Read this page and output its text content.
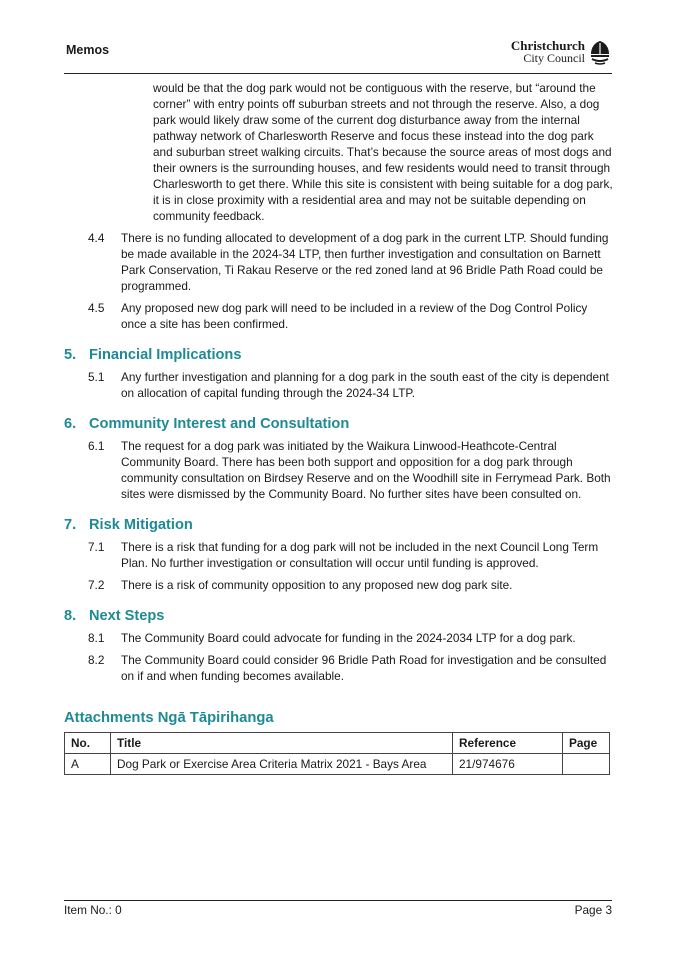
Memos	Christchurch
City Council
would be that the dog park would not be contiguous with the reserve, but “around the corner” with entry points off suburban streets and not through the reserve. Also, a dog park would likely draw some of the current dog disturbance away from the internal pathway network of Charlesworth Reserve and focus these instead into the dog park and suburban street walking circuits. That’s because the source areas of most dogs and their owners is the surrounding houses, and few residents would need to transit through Charlesworth to get there. While this site is consistent with being suitable for a dog park, it is in close proximity with a residential area and may not be suitable depending on community feedback.
4.4	There is no funding allocated to development of a dog park in the current LTP. Should funding be made available in the 2024-34 LTP, then further investigation and consultation on Barnett Park Conservation, Ti Rakau Reserve or the red zoned land at 96 Bridle Path Road could be programmed.
4.5	Any proposed new dog park will need to be included in a review of the Dog Control Policy once a site has been confirmed.
5. Financial Implications
5.1	Any further investigation and planning for a dog park in the south east of the city is dependent on allocation of capital funding through the 2024-34 LTP.
6. Community Interest and Consultation
6.1	The request for a dog park was initiated by the Waikura Linwood-Heathcote-Central Community Board. There has been both support and opposition for a dog park through community consultation on Birdsey Reserve and on the Woodhill site in Ferrymead Park. Both sites were dismissed by the Community Board. No further sites have been consulted on.
7. Risk Mitigation
7.1	There is a risk that funding for a dog park will not be included in the next Council Long Term Plan. No further investigation or consultation will occur until funding is approved.
7.2	There is a risk of community opposition to any proposed new dog park site.
8. Next Steps
8.1	The Community Board could advocate for funding in the 2024-2034 LTP for a dog park.
8.2	The Community Board could consider 96 Bridle Path Road for investigation and be consulted on if and when funding becomes available.
Attachments Ngā Tāpirihanga
No.	Title	Reference	Page
A	Dog Park or Exercise Area Criteria Matrix 2021 - Bays Area	21/974676	
Item No.: 0	Page 3
